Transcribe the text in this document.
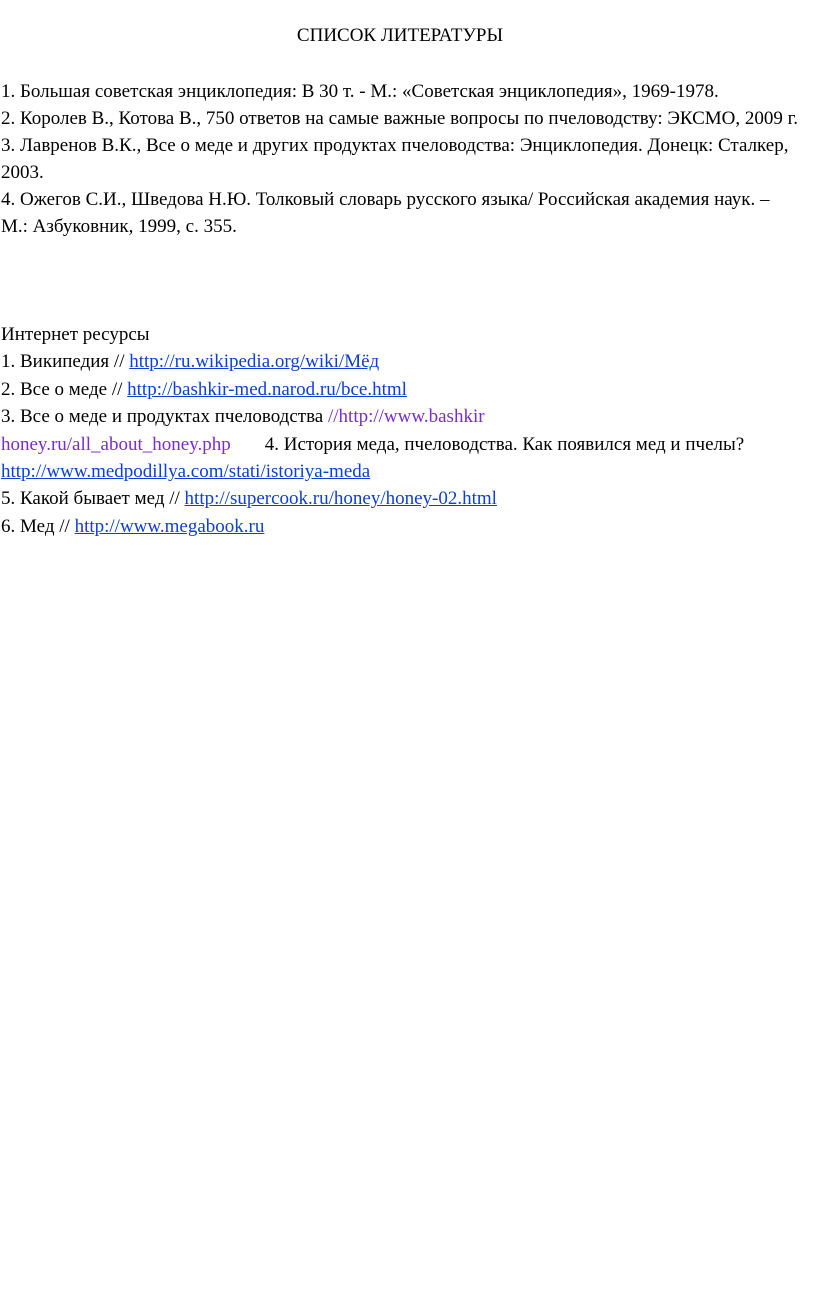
СПИСОК ЛИТЕРАТУРЫ

1. Большая советская энциклопедия: В 30 т. - М.: «Советская энциклопедия», 1969-1978.

2. Королев В., Котова В., 750 ответов на самые важные вопросы по пчеловодству: ЭКСМО, 2009 г.

3. Лавренов В.К., Все о меде и других продуктах пчеловодства: Энциклопедия. Донецк: Сталкер, 2003.

4. Ожегов С.И., Шведова Н.Ю. Толковый словарь русского языка/ Российская академия наук. – М.: Азбуковник, 1999, с. 355.

Интернет ресурсы

1. Википедия // http://ru.wikipedia.org/wiki/Мёд

2. Все о меде // http://bashkir-med.narod.ru/bce.html

3. Все о меде и продуктах пчеловодства //http://www.bashkir

honey.ru/all_about_honey.php 4. История меда, пчеловодства. Как появился мед и пчелы? http://www.medpodillya.com/stati/istoriya-meda

5. Какой бывает мед // http://supercook.ru/honey/honey-02.html

6. Мед // http://www.megabook.ru
